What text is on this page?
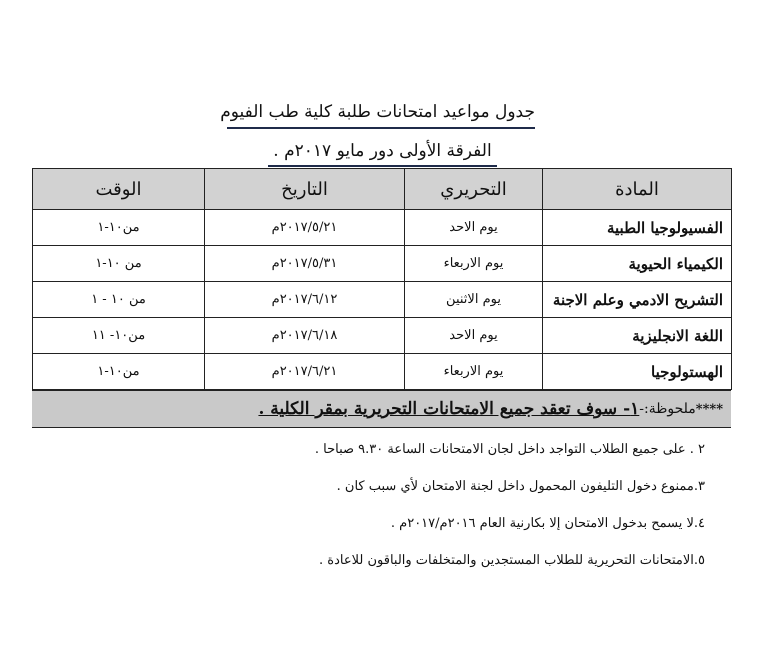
جدول مواعيد امتحانات طلبة كلية طب الفيوم
الفرقة الأولى دور مايو ٢٠١٧م .
المادة	التحريري	التاريخ	الوقت
الفسيولوجيا الطبية	يوم الاحد	٢٠١٧/٥/٢١م	من١٠-١
الكيمياء الحيوية	يوم الاربعاء	٢٠١٧/٥/٣١م	من ١٠-١
التشريح الادمي وعلم الاجنة	يوم الاثنين	٢٠١٧/٦/١٢م	من ١٠ - ١
اللغة الانجليزية	يوم الاحد	٢٠١٧/٦/١٨م	من١٠- ١١
الهستولوجيا	يوم الاربعاء	٢٠١٧/٦/٢١م	من١٠-١
****
ملحوظة:-
١- سوف تعقد جميع الامتحانات التحريرية بمقر الكلية .
٢ . على جميع الطلاب التواجد داخل لجان الامتحانات الساعة ٩.٣٠ صباحا .
٣.ممنوع دخول التليفون المحمول داخل لجنة الامتحان لأي سبب كان .
٤.لا يسمح بدخول الامتحان إلا بكارنية العام ٢٠١٦م/٢٠١٧م .
٥.الامتحانات التحريرية للطلاب المستجدين والمتخلفات والباقون للاعادة .
